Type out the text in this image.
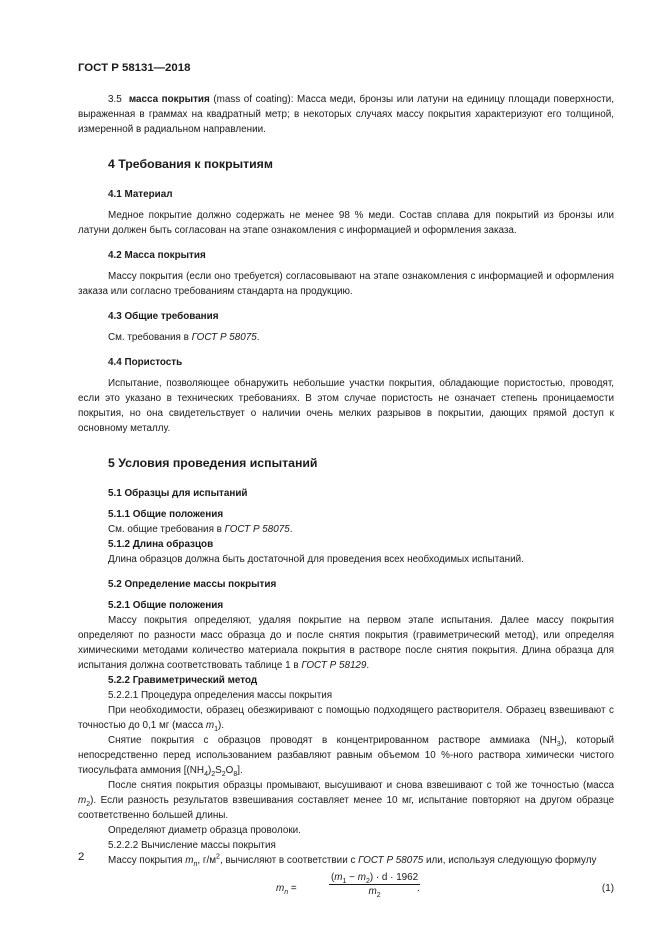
ГОСТ Р 58131—2018

3.5 масса покрытия (mass of coating): Масса меди, бронзы или латуни на единицу площади поверхности, выраженная в граммах на квадратный метр; в некоторых случаях массу покрытия характеризуют его толщиной, измеренной в радиальном направлении.

4 Требования к покрытиям
4.1 Материал

Медное покрытие должно содержать не менее 98 % меди. Состав сплава для покрытий из бронзы или латуни должен быть согласован на этапе ознакомления с информацией и оформления заказа.

4.2 Масса покрытия

Массу покрытия (если оно требуется) согласовывают на этапе ознакомления с информацией и оформления заказа или согласно требованиям стандарта на продукцию.

4.3 Общие требования

См. требования в ГОСТ Р 58075.

4.4 Пористость

Испытание, позволяющее обнаружить небольшие участки покрытия, обладающие пористостью, проводят, если это указано в технических требованиях. В этом случае пористость не означает степень проницаемости покрытия, но она свидетельствует о наличии очень мелких разрывов в покрытии, дающих прямой доступ к основному металлу.

5 Условия проведения испытаний
5.1 Образцы для испытаний
5.1.1 Общие положения

См. общие требования в ГОСТ Р 58075.

5.1.2 Длина образцов

Длина образцов должна быть достаточной для проведения всех необходимых испытаний.

5.2 Определение массы покрытия
5.2.1 Общие положения

Массу покрытия определяют, удаляя покрытие на первом этапе испытания. Далее массу покрытия определяют по разности масс образца до и после снятия покрытия (гравиметрический метод), или определяя химическими методами количество материала покрытия в растворе после снятия покрытия. Длина образца для испытания должна соответствовать таблице 1 в ГОСТ Р 58129.

5.2.2 Гравиметрический метод

5.2.2.1 Процедура определения массы покрытия

При необходимости, образец обезжиривают с помощью подходящего растворителя. Образец взвешивают с точностью до 0,1 мг (масса $m_1$).

Снятие покрытия с образцов проводят в концентрированном растворе аммиака $(NH_3)$, который непосредственно перед использованием разбавляют равным объемом 10 %-ного раствора химически чистого тиосульфата аммония $[(NH_4)_2S_2O_8]$.

После снятия покрытия образцы промывают, высушивают и снова взвешивают с той же точностью (масса $m_2$). Если разность результатов взвешивания составляет менее 10 мг, испытание повторяют на другом образце соответственно большей длины.

Определяют диаметр образца проволоки.

5.2.2.2 Вычисление массы покрытия

Массу покрытия $m_n$, $г/м^2$, вычисляют в соответствии с ГОСТ Р 58075 или, используя следующую формулу

$m_n$ =	$\frac{(m_1 - m_2) \cdot d \cdot 1962}{m_2}$
.	(1)
2
